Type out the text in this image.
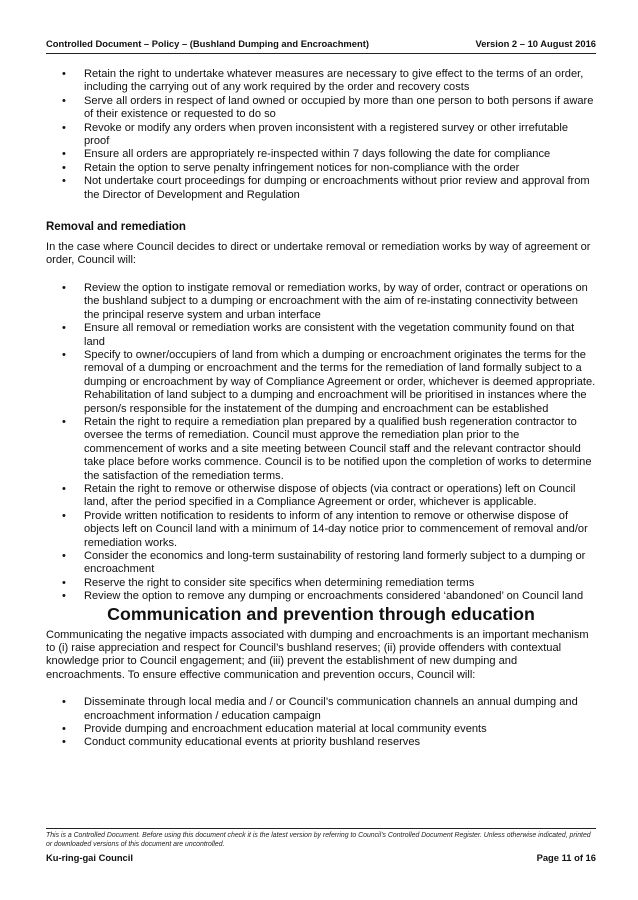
Controlled Document – Policy – (Bushland Dumping and Encroachment)	Version 2 – 10 August 2016
• Retain the right to undertake whatever measures are necessary to give effect to the terms of an order, including the carrying out of any work required by the order and recovery costs
• Serve all orders in respect of land owned or occupied by more than one person to both persons if aware of their existence or requested to do so
• Revoke or modify any orders when proven inconsistent with a registered survey or other irrefutable proof
• Ensure all orders are appropriately re-inspected within 7 days following the date for compliance
• Retain the option to serve penalty infringement notices for non-compliance with the order
• Not undertake court proceedings for dumping or encroachments without prior review and approval from the Director of Development and Regulation
Removal and remediation

In the case where Council decides to direct or undertake removal or remediation works by way of agreement or order, Council will:

• Review the option to instigate removal or remediation works, by way of order, contract or operations on the bushland subject to a dumping or encroachment with the aim of re-instating connectivity between the principal reserve system and urban interface
• Ensure all removal or remediation works are consistent with the vegetation community found on that land
• Specify to owner/occupiers of land from which a dumping or encroachment originates the terms for the removal of a dumping or encroachment and the terms for the remediation of land formally subject to a dumping or encroachment by way of Compliance Agreement or order, whichever is deemed appropriate. Rehabilitation of land subject to a dumping and encroachment will be prioritised in instances where the person/s responsible for the instatement of the dumping and encroachment can be established
• Retain the right to require a remediation plan prepared by a qualified bush regeneration contractor to oversee the terms of remediation. Council must approve the remediation plan prior to the commencement of works and a site meeting between Council staff and the relevant contractor should take place before works commence. Council is to be notified upon the completion of works to determine the satisfaction of the remediation terms.
• Retain the right to remove or otherwise dispose of objects (via contract or operations) left on Council land, after the period specified in a Compliance Agreement or order, whichever is applicable.
• Provide written notification to residents to inform of any intention to remove or otherwise dispose of objects left on Council land with a minimum of 14-day notice prior to commencement of removal and/or remediation works.
• Consider the economics and long-term sustainability of restoring land formerly subject to a dumping or encroachment
• Reserve the right to consider site specifics when determining remediation terms
• Review the option to remove any dumping or encroachments considered ‘abandoned’ on Council land
Communication and prevention through education

Communicating the negative impacts associated with dumping and encroachments is an important mechanism to (i) raise appreciation and respect for Council’s bushland reserves; (ii) provide offenders with contextual knowledge prior to Council engagement; and (iii) prevent the establishment of new dumping and encroachments. To ensure effective communication and prevention occurs, Council will:

• Disseminate through local media and / or Council’s communication channels an annual dumping and encroachment information / education campaign
• Provide dumping and encroachment education material at local community events
• Conduct community educational events at priority bushland reserves
This is a Controlled Document. Before using this document check it is the latest version by referring to Council’s Controlled Document Register. Unless otherwise indicated, printed or downloaded versions of this document are uncontrolled.
Ku-ring-gai Council	Page 11 of 16
